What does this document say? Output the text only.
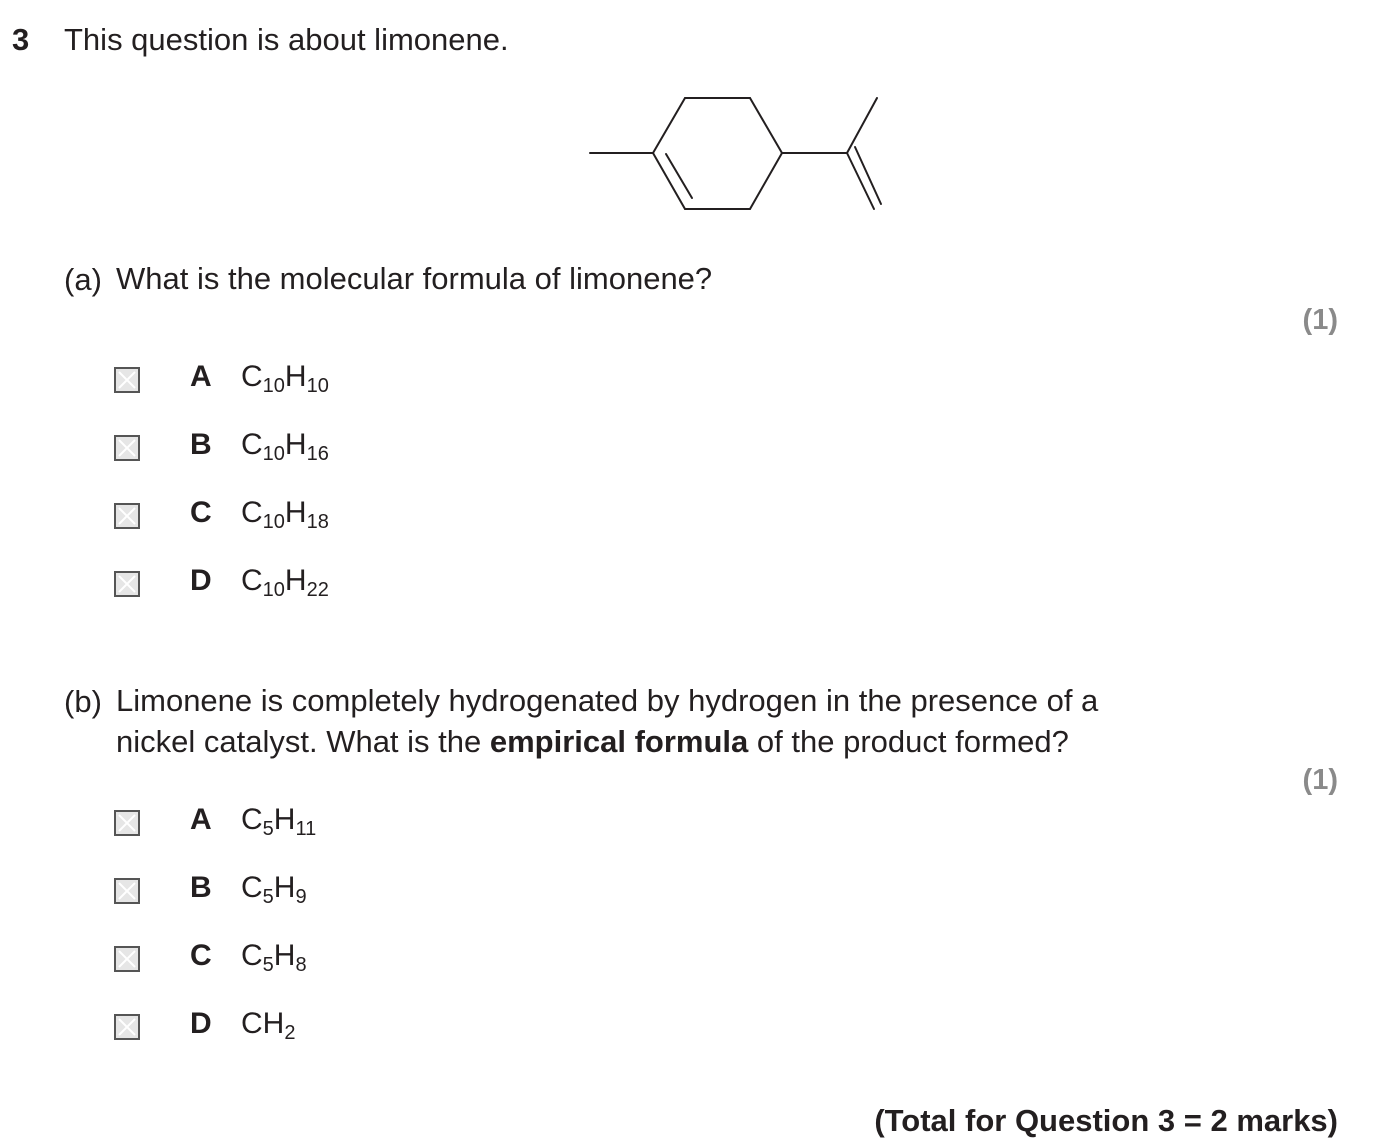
3 This question is about limonene.
(a) What is the molecular formula of limonene?
(1)
A $C_{10}H_{10}$
B $C_{10}H_{16}$
C $C_{10}H_{18}$
D $C_{10}H_{22}$
(b) Limonene is completely hydrogenated by hydrogen in the presence of a nickel catalyst. What is the empirical formula of the product formed?
(1)
A $C_5H_{11}$
B $C_5H_9$
C $C_5H_8$
D $CH_2$
(Total for Question 3 = 2 marks)
